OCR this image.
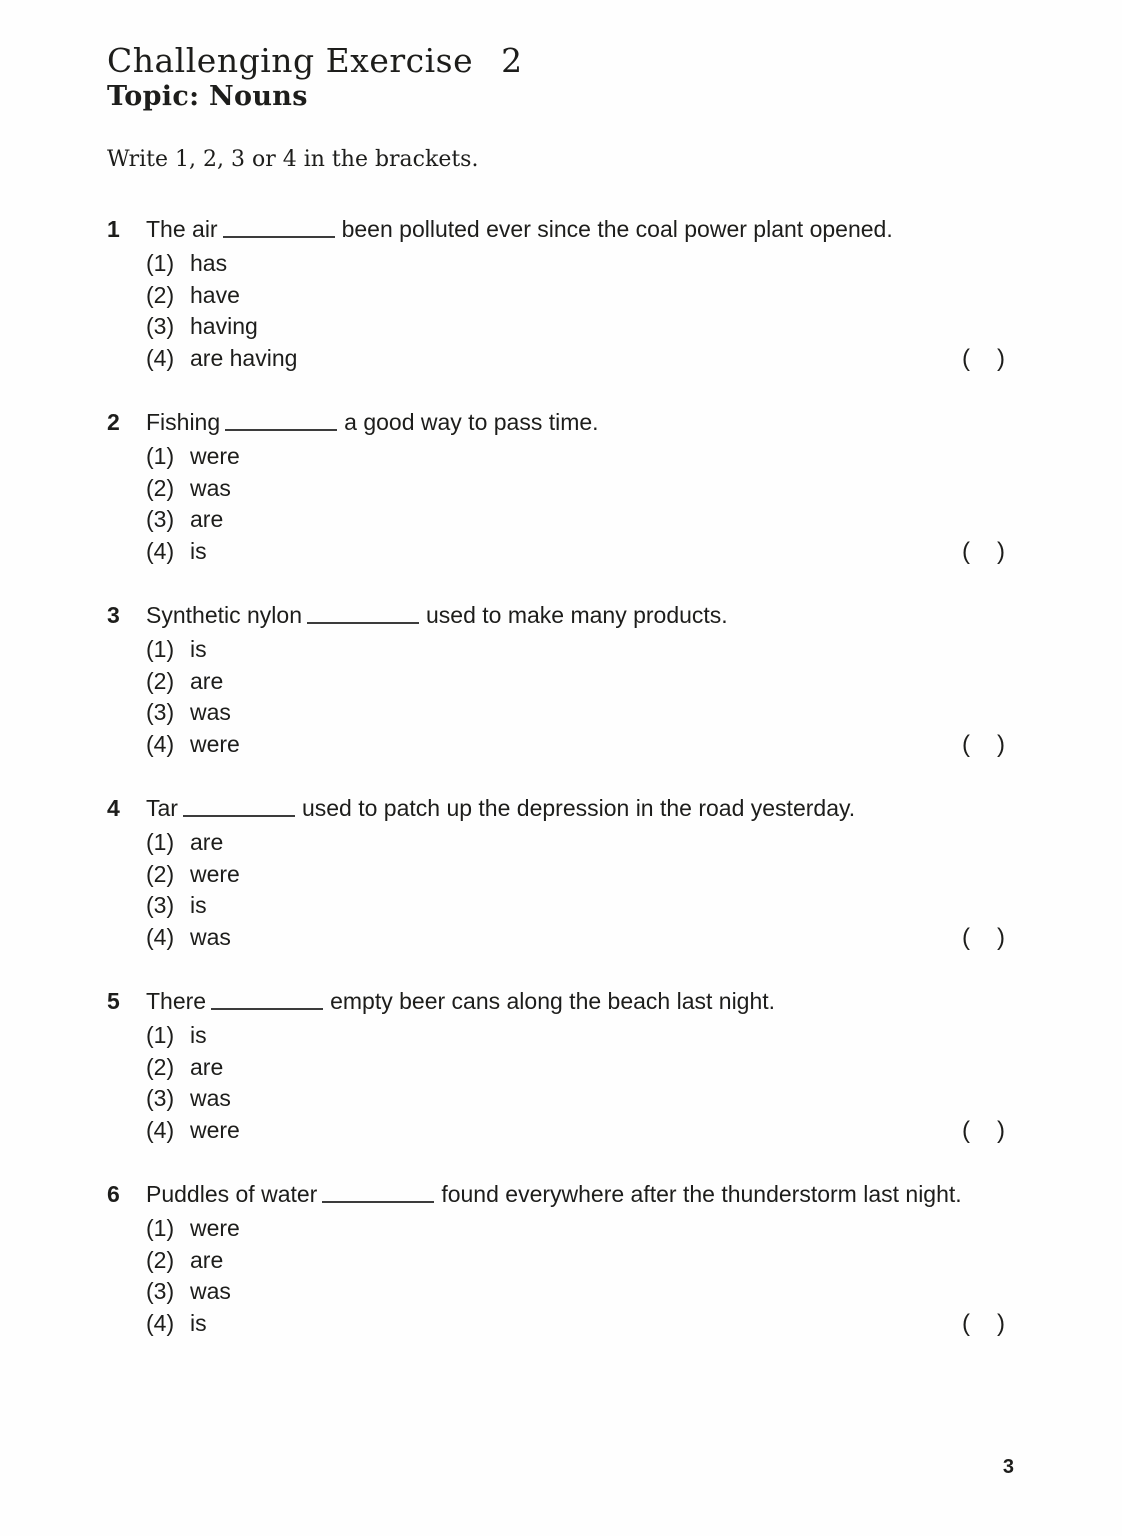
Challenging Exercise 2
Topic: Nouns

Write 1, 2, 3 or 4 in the brackets.

1	The air	been polluted ever since the coal power plant opened.

(1) has
(2) have
(3) having
(4) are having	( )
2	Fishing	a good way to pass time.

(1) were
(2) was
(3) are
(4) is	( )
3	Synthetic nylon	used to make many products.

(1) is
(2) are
(3) was
(4) were	( )
4	Tar	used to patch up the depression in the road yesterday.

(1) are
(2) were
(3) is
(4) was	( )
5	There	empty beer cans along the beach last night.

(1) is
(2) are
(3) was
(4) were	( )
6	Puddles of water	found everywhere after the thunderstorm last night.

(1) were
(2) are
(3) was
(4) is	( )
3
